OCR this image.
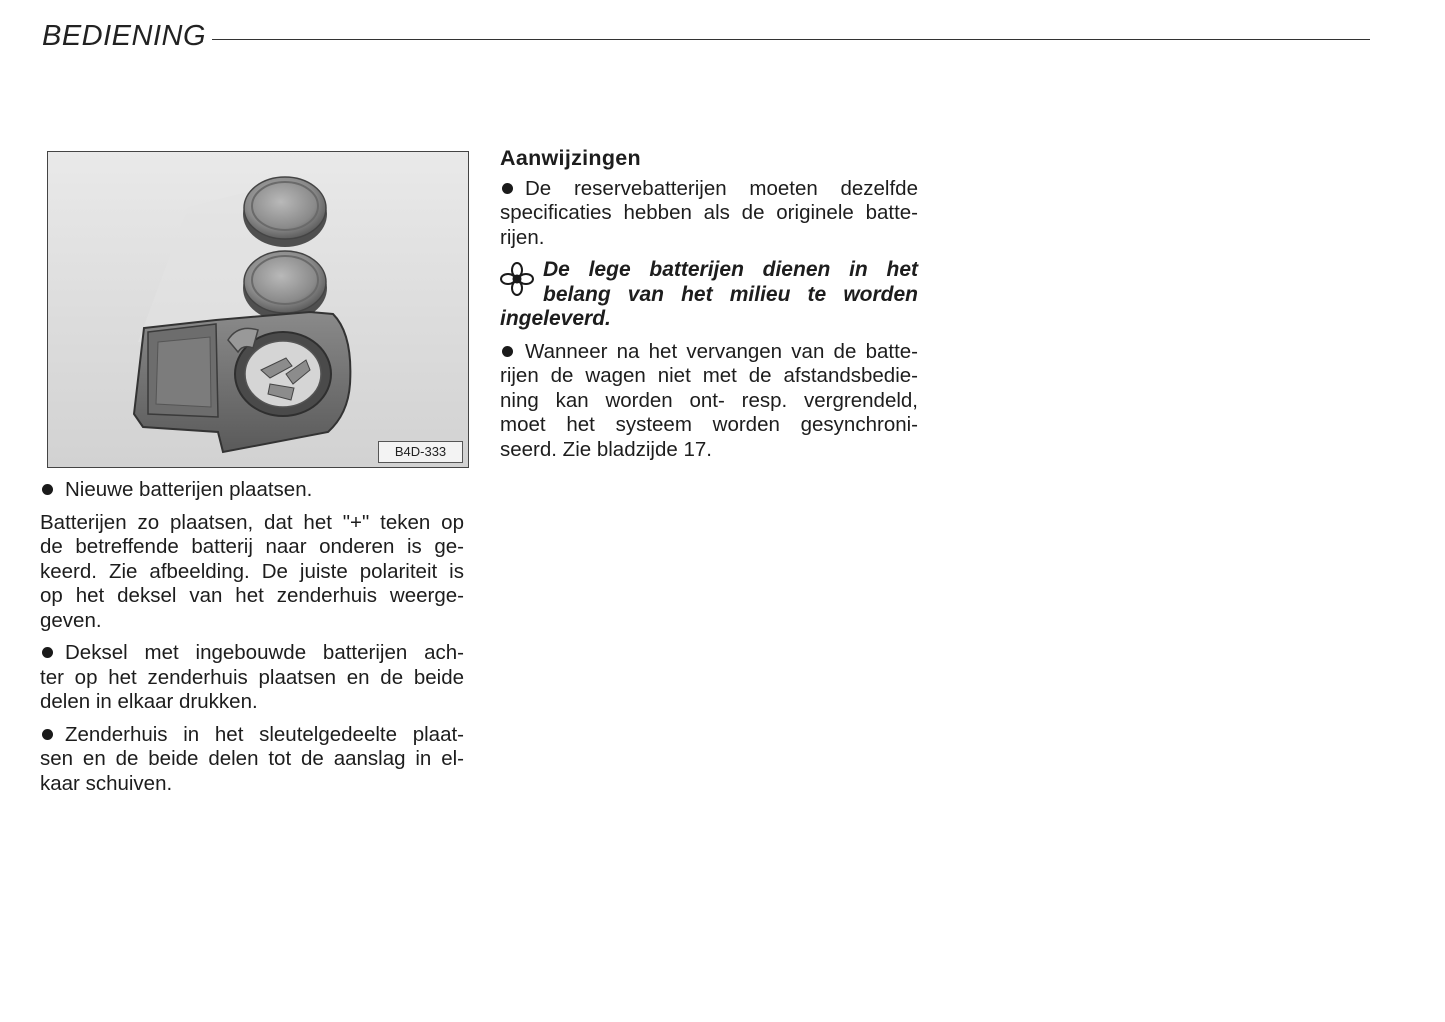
BEDIENING
B4D-333

Nieuwe batterijen plaatsen.

Batterijen zo plaatsen, dat het "+" teken op
de betreffende batterij naar onderen is ge-
keerd. Zie afbeelding. De juiste polariteit is
op het deksel van het zenderhuis weerge-
geven.
Deksel met ingebouwde batterijen ach-
ter op het zenderhuis plaatsen en de beide
delen in elkaar drukken.
Zenderhuis in het sleutelgedeelte plaat-
sen en de beide delen tot de aanslag in el-
kaar schuiven.
Aanwijzingen
De reservebatterijen moeten dezelfde
specificaties hebben als de originele batte-
rijen.
De lege batterijen dienen in het
belang van het milieu te worden
ingeleverd.
Wanneer na het vervangen van de batte-
rijen de wagen niet met de afstandsbedie-
ning kan worden ont- resp. vergrendeld,
moet het systeem worden gesynchroni-
seerd. Zie bladzijde 17.
